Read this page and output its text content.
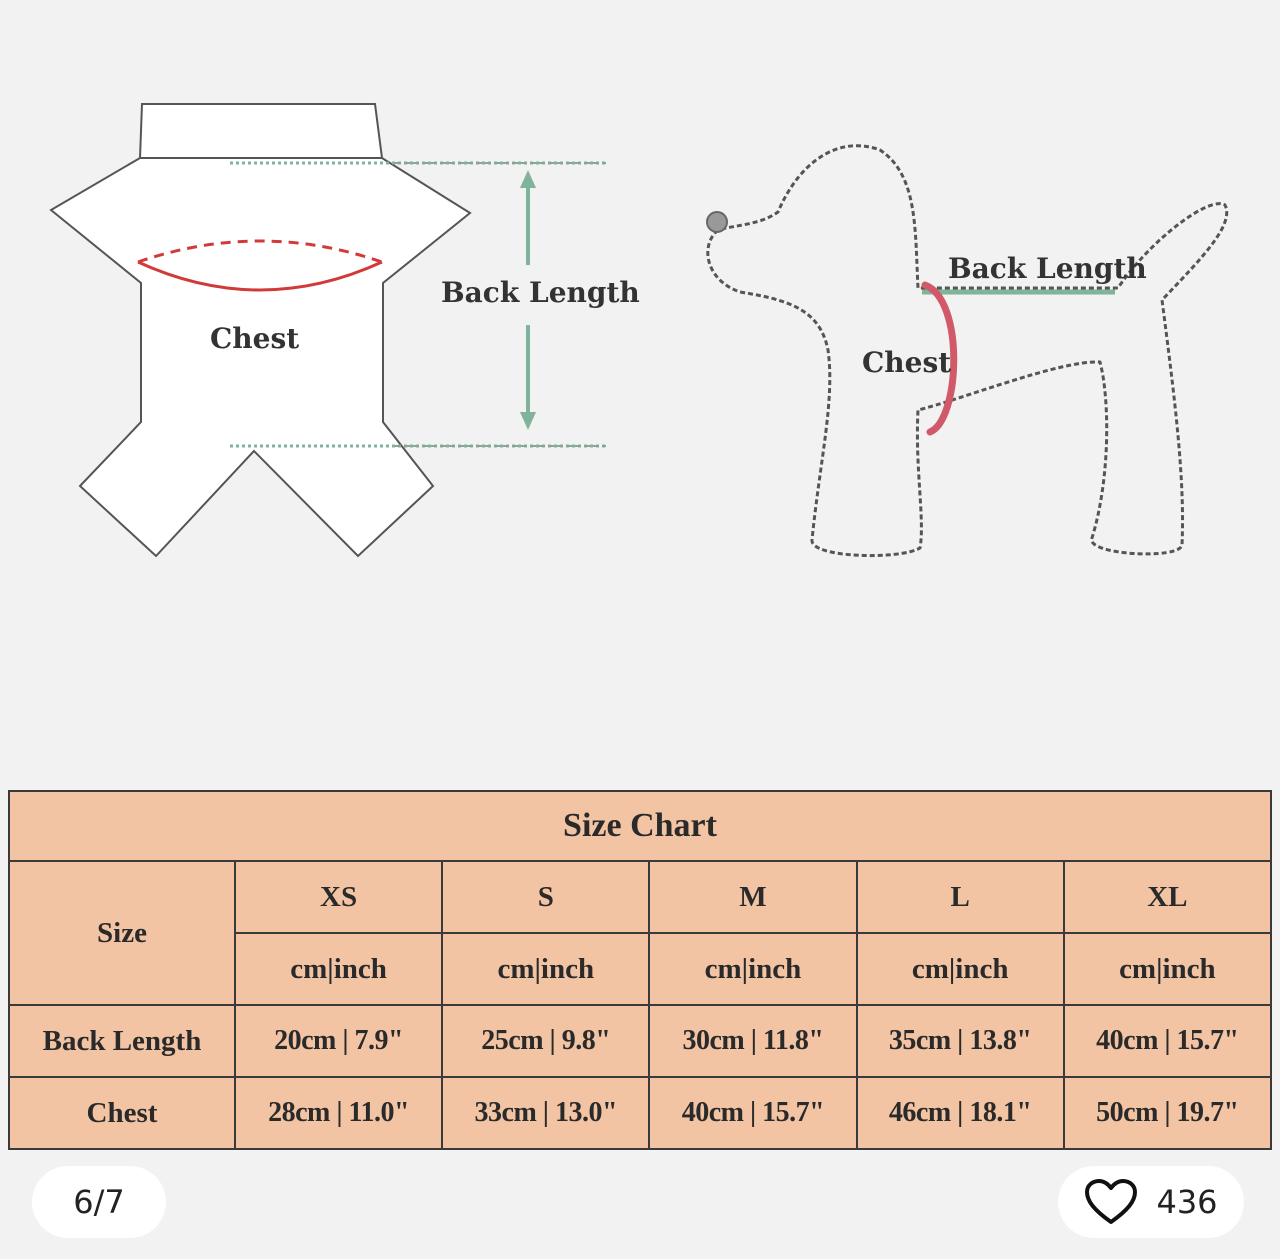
Chest
Back Length
Back Length
Chest
Size Chart					
Size	XS	S	M	L	XL
	cm|inch	cm|inch	cm|inch	cm|inch	cm|inch
Back Length	20cm | 7.9"	25cm | 9.8"	30cm | 11.8"	35cm | 13.8"	40cm | 15.7"
Chest	28cm | 11.0"	33cm | 13.0"	40cm | 15.7"	46cm | 18.1"	50cm | 19.7"
6/7	436
